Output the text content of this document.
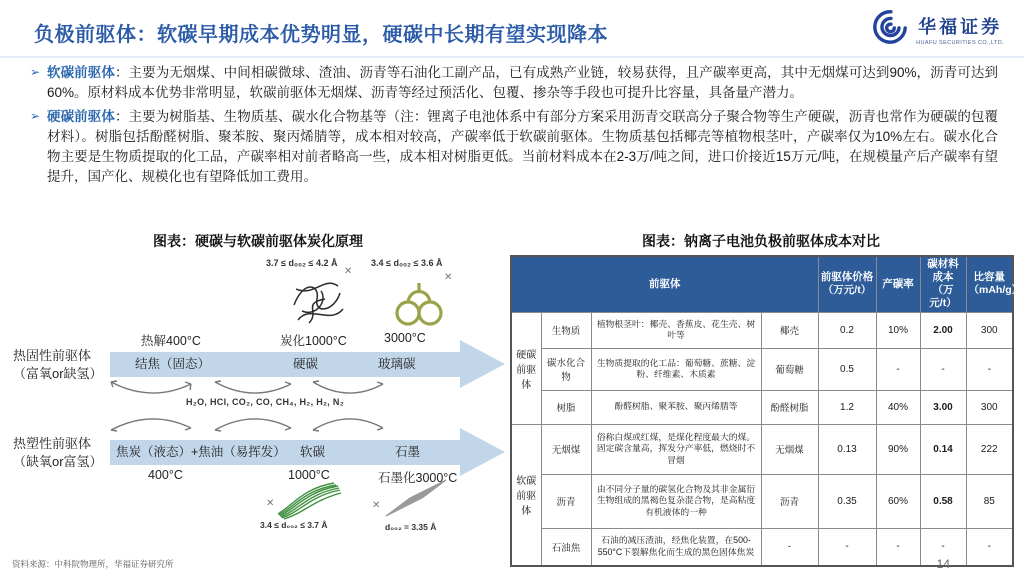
负极前驱体：软碳早期成本优势明显，硬碳中长期有望实现降本	华福证券
HUAFU SECURITIES CO.,LTD.
➢ 软碳前驱体：主要为无烟煤、中间相碳微球、渣油、沥青等石油化工副产品，已有成熟产业链，较易获得，且产碳率更高，其中无烟煤可达到90%，沥青可达到60%。原材料成本优势非常明显，软碳前驱体无烟煤、沥青等经过预活化、包覆、掺杂等手段也可提升比容量，具备量产潜力。
➢ 硬碳前驱体：主要为树脂基、生物质基、碳水化合物基等（注：锂离子电池体系中有部分方案采用沥青交联高分子聚合物等生产硬碳，沥青也常作为硬碳的包覆材料）。树脂包括酚醛树脂、聚苯胺、聚丙烯腈等，成本相对较高，产碳率低于软碳前驱体。生物质基包括椰壳等植物根茎叶，产碳率仅为10%左右。碳水化合物主要是生物质提取的化工品，产碳率相对前者略高一些，成本相对树脂更低。当前材料成本在2-3万/吨之间，进口价接近15万元/吨，在规模量产后产碳率有望提升，国产化、规模化也有望降低加工费用。
图表：硬碳与软碳前驱体炭化原理	图表：钠离子电池负极前驱体成本对比
3.7 ≤ d₀₀₂ ≤ 4.2 Å	3.4 ≤ d₀₀₂ ≤ 3.6 Å
✕
✕
热解400°C	炭化1000°C	3000°C
结焦（固态）	硬碳	玻璃碳
热固性前驱体
（富氧or缺氢）
H₂O, HCl, CO₂, CO, CH₄, H₂, H₂, N₂
焦炭（液态）+焦油（易挥发） 软碳	石墨
热塑性前驱体
（缺氧or富氢）
400°C	1000°C	石墨化3000°C
✕	✕
3.4 ≤ d₀₀₂ ≤ 3.7 Å	d₀₀₂ = 3.35 Å
前驱体				前驱体价格（万元/t）	产碳率	碳材料成本（万元/t）	比容量（mAh/g）
硬碳前驱体	生物质	植物根茎叶：椰壳、香蕉皮、花生壳、树叶等	椰壳	0.2	10%	2.00	300
	碳水化合物	生物质提取的化工品：葡萄糖、蔗糖、淀粉、纤维素、木质素	葡萄糖	0.5	-	-	-
	树脂	酚醛树脂、聚苯胺、聚丙烯腈等	酚醛树脂	1.2	40%	3.00	300
软碳前驱体	无烟煤	俗称白煤或红煤，是煤化程度最大的煤。固定碳含量高，挥发分产率低，燃烧时不冒烟	无烟煤	0.13	90%	0.14	222
	沥青	由不同分子量的碳氢化合物及其非金属衍生物组成的黑褐色复杂混合物，是高粘度有机液体的一种	沥青	0.35	60%	0.58	85
	石油焦	石油的减压渣油，经焦化装置，在500-550°C下裂解焦化而生成的黑色固体焦炭	-	-	-	-	-
资料来源：中科院物理所，华福证券研究所	14
